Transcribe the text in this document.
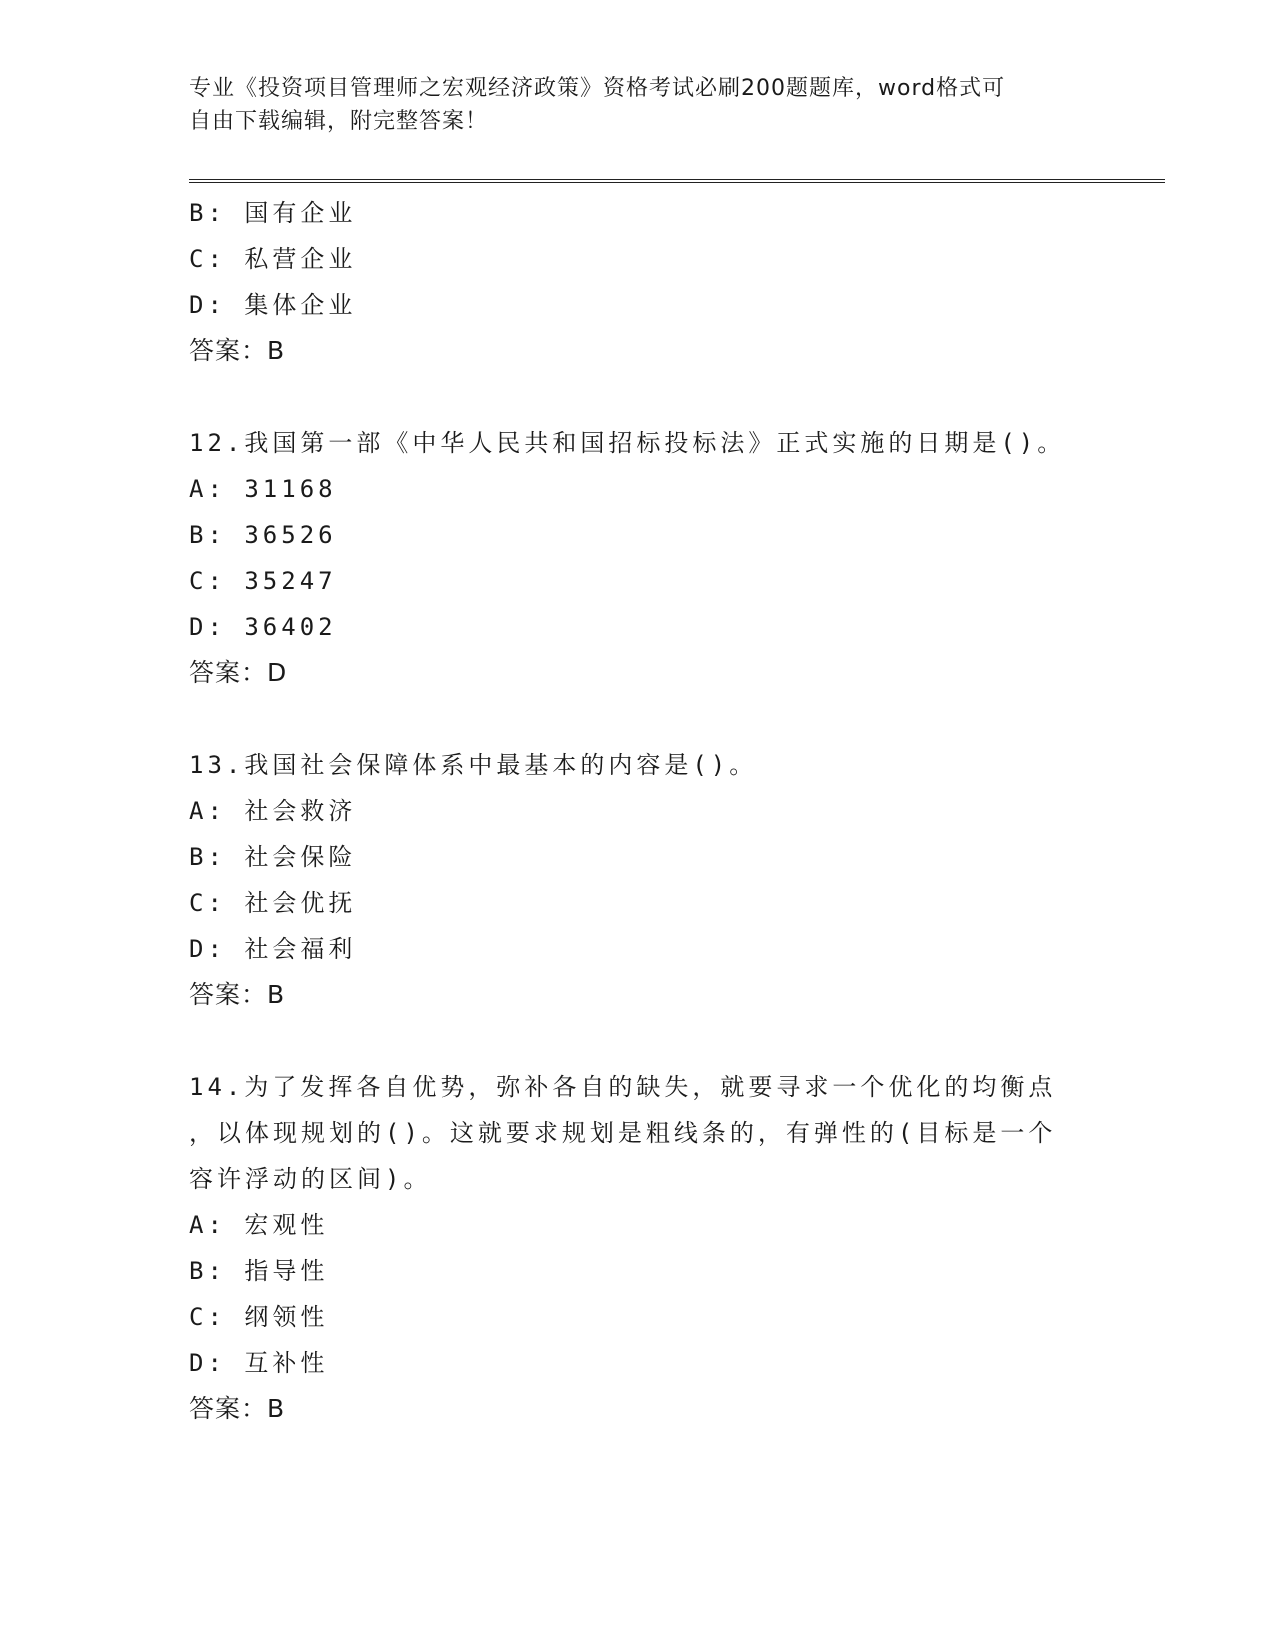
专业《投资项目管理师之宏观经济政策》资格考试必刷200题题库，word格式可
自由下载编辑，附完整答案！
B: 国有企业
C: 私营企业
D: 集体企业
答案：B
12.我国第一部《中华人民共和国招标投标法》正式实施的日期是()。
A: 31168
B: 36526
C: 35247
D: 36402
答案：D
13.我国社会保障体系中最基本的内容是()。
A: 社会救济
B: 社会保险
C: 社会优抚
D: 社会福利
答案：B
14.为了发挥各自优势，弥补各自的缺失，就要寻求一个优化的均衡点
，以体现规划的()。这就要求规划是粗线条的，有弹性的(目标是一个
容许浮动的区间)。
A: 宏观性
B: 指导性
C: 纲领性
D: 互补性
答案：B
